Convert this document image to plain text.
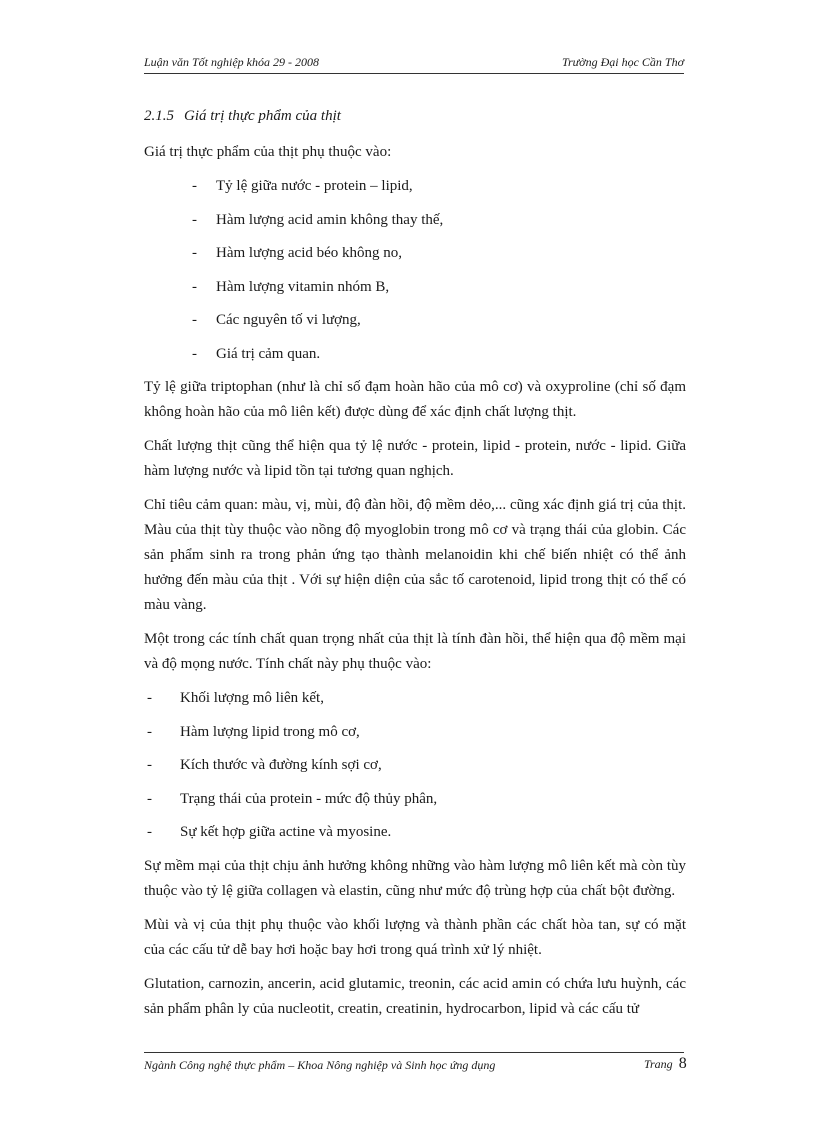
Luận văn Tốt nghiệp khóa 29 - 2008	Trường Đại học Cần Thơ

2.1.5 Giá trị thực phẩm của thịt

Giá trị thực phẩm của thịt phụ thuộc vào:

- Tỷ lệ giữa nước - protein – lipid,
- Hàm lượng acid amin không thay thế,
- Hàm lượng acid béo không no,
- Hàm lượng vitamin nhóm B,
- Các nguyên tố vi lượng,
- Giá trị cảm quan.

Tỷ lệ giữa triptophan (như là chỉ số đạm hoàn hão của mô cơ) và oxyproline (chỉ số đạm không hoàn hão của mô liên kết) được dùng để xác định chất lượng thịt.

Chất lượng thịt cũng thể hiện qua tỷ lệ nước - protein, lipid - protein, nước - lipid. Giữa hàm lượng nước và lipid tồn tại tương quan nghịch.

Chỉ tiêu cảm quan: màu, vị, mùi, độ đàn hồi, độ mềm dẻo,... cũng xác định giá trị của thịt. Màu của thịt tùy thuộc vào nồng độ myoglobin trong mô cơ và trạng thái của globin. Các sản phẩm sinh ra trong phản ứng tạo thành melanoidin khi chế biến nhiệt có thể ảnh hưởng đến màu của thịt . Với sự hiện diện của sắc tố carotenoid, lipid trong thịt có thể có màu vàng.

Một trong các tính chất quan trọng nhất của thịt là tính đàn hồi, thể hiện qua độ mềm mại và độ mọng nước. Tính chất này phụ thuộc vào:

- Khối lượng mô liên kết,
- Hàm lượng lipid trong mô cơ,
- Kích thước và đường kính sợi cơ,
- Trạng thái của protein - mức độ thủy phân,
- Sự kết hợp giữa actine và myosine.

Sự mềm mại của thịt chịu ảnh hưởng không những vào hàm lượng mô liên kết mà còn tùy thuộc vào tỷ lệ giữa collagen và elastin, cũng như mức độ trùng hợp của chất bột đường.

Mùi và vị của thịt phụ thuộc vào khối lượng và thành phần các chất hòa tan, sự có mặt của các cấu tử dễ bay hơi hoặc bay hơi trong quá trình xử lý nhiệt.

Glutation, carnozin, ancerin, acid glutamic, treonin, các acid amin có chứa lưu huỳnh, các sản phẩm phân ly của nucleotit, creatin, creatinin, hydrocarbon, lipid và các cấu tử

Ngành Công nghệ thực phẩm – Khoa Nông nghiệp và Sinh học ứng dụng	Trang 8
